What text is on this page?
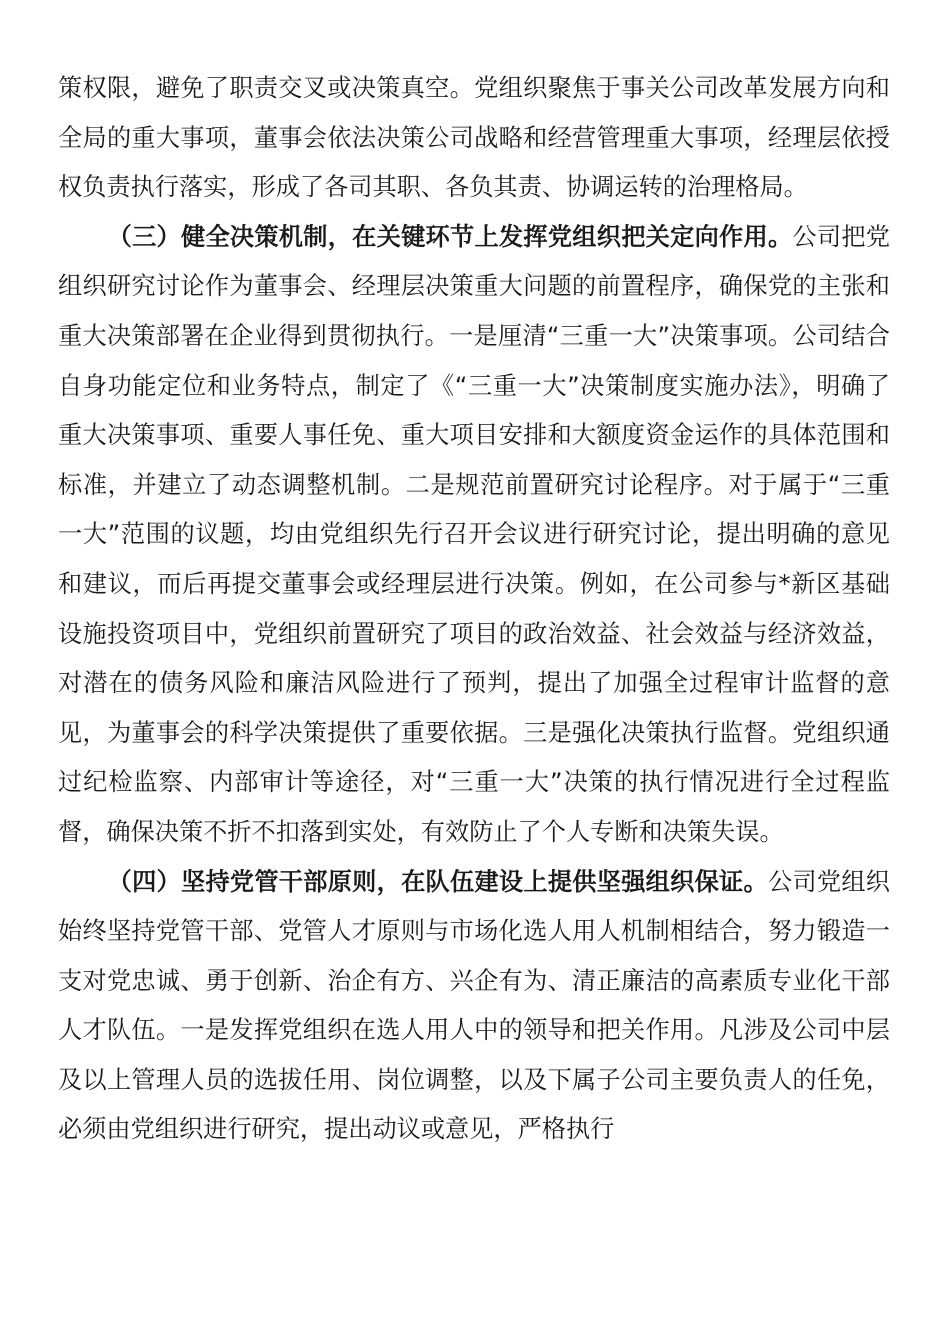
策权限，避免了职责交叉或决策真空。党组织聚焦于事关公司改革发展方向和全局的重大事项，董事会依法决策公司战略和经营管理重大事项，经理层依授权负责执行落实，形成了各司其职、各负其责、协调运转的治理格局。

（三）健全决策机制，在关键环节上发挥党组织把关定向作用。公司把党组织研究讨论作为董事会、经理层决策重大问题的前置程序，确保党的主张和重大决策部署在企业得到贯彻执行。一是厘清“三重一大”决策事项。公司结合自身功能定位和业务特点，制定了《“三重一大”决策制度实施办法》，明确了重大决策事项、重要人事任免、重大项目安排和大额度资金运作的具体范围和标准，并建立了动态调整机制。二是规范前置研究讨论程序。对于属于“三重一大”范围的议题，均由党组织先行召开会议进行研究讨论，提出明确的意见和建议，而后再提交董事会或经理层进行决策。例如，在公司参与*新区基础设施投资项目中，党组织前置研究了项目的政治效益、社会效益与经济效益，对潜在的债务风险和廉洁风险进行了预判，提出了加强全过程审计监督的意见，为董事会的科学决策提供了重要依据。三是强化决策执行监督。党组织通过纪检监察、内部审计等途径，对“三重一大”决策的执行情况进行全过程监督，确保决策不折不扣落到实处，有效防止了个人专断和决策失误。

（四）坚持党管干部原则，在队伍建设上提供坚强组织保证。公司党组织始终坚持党管干部、党管人才原则与市场化选人用人机制相结合，努力锻造一支对党忠诚、勇于创新、治企有方、兴企有为、清正廉洁的高素质专业化干部人才队伍。一是发挥党组织在选人用人中的领导和把关作用。凡涉及公司中层及以上管理人员的选拔任用、岗位调整，以及下属子公司主要负责人的任免，必须由党组织进行研究，提出动议或意见，严格执行
